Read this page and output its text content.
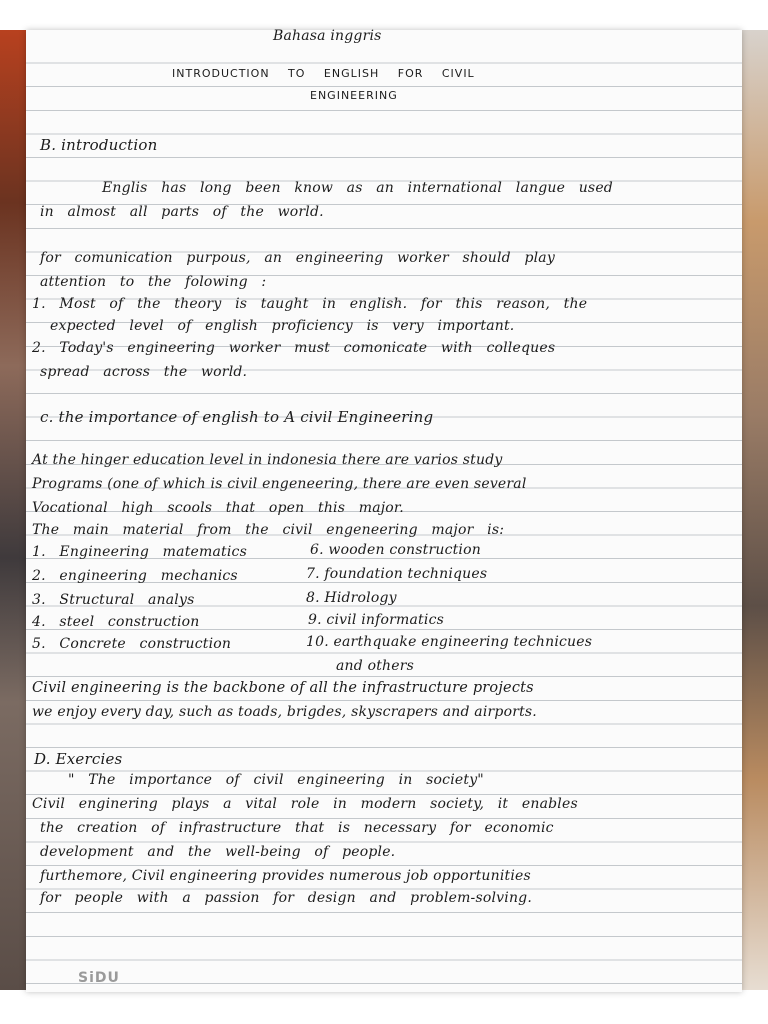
Bahasa inggris
INTRODUCTION TO ENGLISH FOR CIVIL
ENGINEERING
B. introduction
Englis has long been know as an international langue used
in almost all parts of the world.
for comunication purpous, an engineering worker should play
attention to the folowing :
1. Most of the theory is taught in english. for this reason, the
expected level of english proficiency is very important.
2. Today's engineering worker must comonicate with colleques
spread across the world.
c. the importance of english to A civil Engineering
At the hinger education level in indonesia there are varios study
Programs (one of which is civil engeneering, there are even several
Vocational high scools that open this major.
The main material from the civil engeneering major is:
1. Engineering matematics
2. engineering mechanics
3. Structural analys
4. steel construction
5. Concrete construction
6. wooden construction
7. foundation techniques
8. Hidrology
9. civil informatics
10. earthquake engineering technicues
and others
Civil engineering is the backbone of all the infrastructure projects
we enjoy every day, such as toads, brigdes, skyscrapers and airports.
D. Exercies
" The importance of civil engineering in society"
Civil enginering plays a vital role in modern society, it enables
the creation of infrastructure that is necessary for economic
development and the well-being of people.
furthemore, Civil engineering provides numerous job opportunities
for people with a passion for design and problem-solving.
SiDU
